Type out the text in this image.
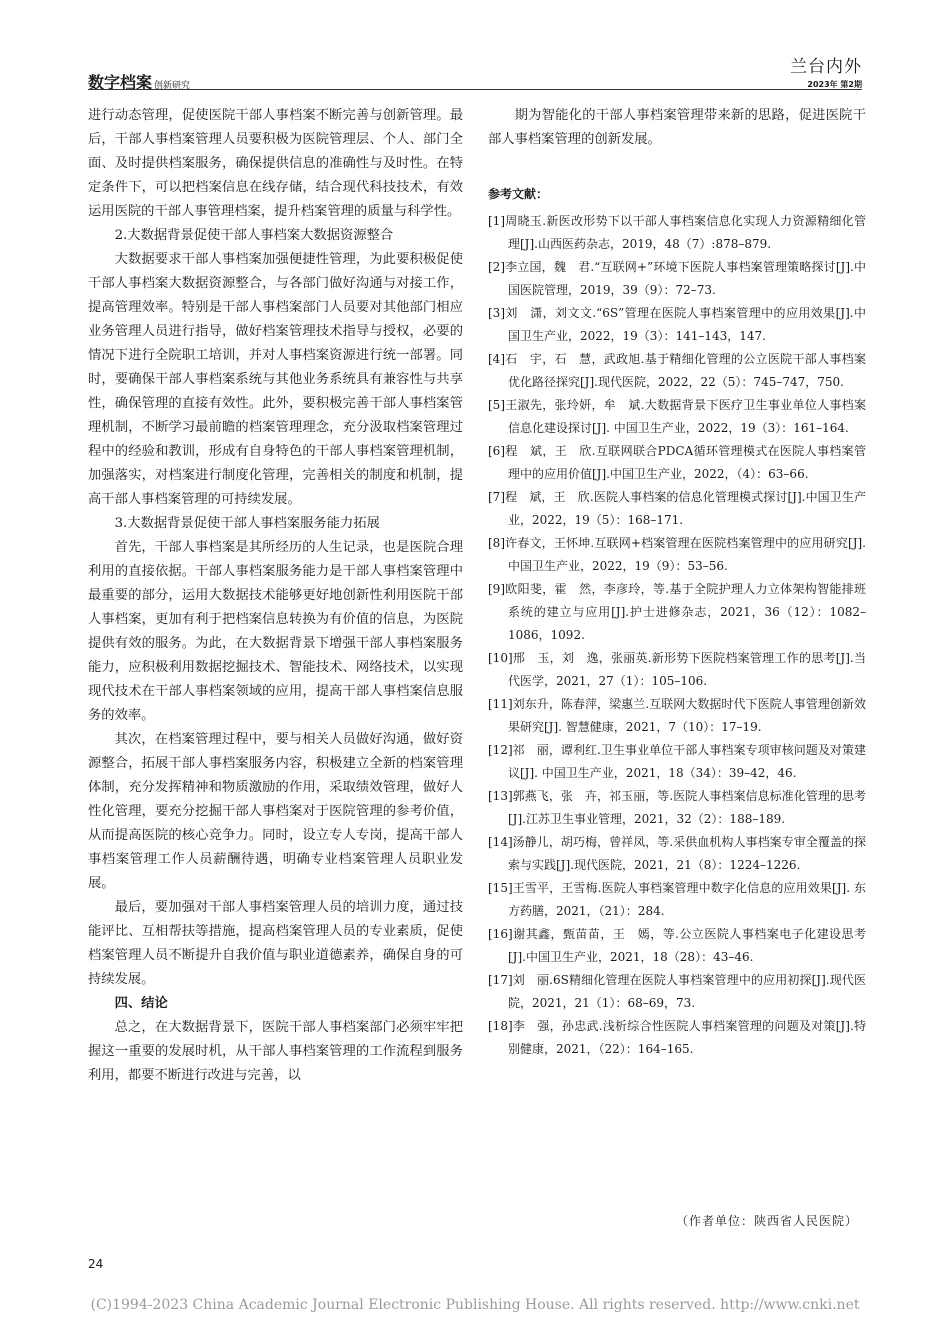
数字档案 创新研究
兰台内外
2023年 第2期

进行动态管理，促使医院干部人事档案不断完善与创新管理。最后，干部人事档案管理人员要积极为医院管理层、个人、部门全面、及时提供档案服务，确保提供信息的准确性与及时性。在特定条件下，可以把档案信息在线存储，结合现代科技技术，有效运用医院的干部人事管理档案，提升档案管理的质量与科学性。

2.大数据背景促使干部人事档案大数据资源整合

大数据要求干部人事档案加强便捷性管理，为此要积极促使干部人事档案大数据资源整合，与各部门做好沟通与对接工作，提高管理效率。特别是干部人事档案部门人员要对其他部门相应业务管理人员进行指导，做好档案管理技术指导与授权，必要的情况下进行全院职工培训，并对人事档案资源进行统一部署。同时，要确保干部人事档案系统与其他业务系统具有兼容性与共享性，确保管理的直接有效性。此外，要积极完善干部人事档案管理机制，不断学习最前瞻的档案管理理念，充分汲取档案管理过程中的经验和教训，形成有自身特色的干部人事档案管理机制，加强落实，对档案进行制度化管理，完善相关的制度和机制，提高干部人事档案管理的可持续发展。

3.大数据背景促使干部人事档案服务能力拓展

首先，干部人事档案是其所经历的人生记录，也是医院合理利用的直接依据。干部人事档案服务能力是干部人事档案管理中最重要的部分，运用大数据技术能够更好地创新性利用医院干部人事档案，更加有利于把档案信息转换为有价值的信息，为医院提供有效的服务。为此，在大数据背景下增强干部人事档案服务能力，应积极利用数据挖掘技术、智能技术、网络技术，以实现现代技术在干部人事档案领域的应用，提高干部人事档案信息服务的效率。

其次，在档案管理过程中，要与相关人员做好沟通，做好资源整合，拓展干部人事档案服务内容，积极建立全新的档案管理体制，充分发挥精神和物质激励的作用，采取绩效管理，做好人性化管理，要充分挖掘干部人事档案对于医院管理的参考价值，从而提高医院的核心竞争力。同时，设立专人专岗，提高干部人事档案管理工作人员薪酬待遇，明确专业档案管理人员职业发展。

最后，要加强对干部人事档案管理人员的培训力度，通过技能评比、互相帮扶等措施，提高档案管理人员的专业素质，促使档案管理人员不断提升自我价值与职业道德素养，确保自身的可持续发展。

四、结论

总之，在大数据背景下，医院干部人事档案部门必须牢牢把握这一重要的发展时机，从干部人事档案管理的工作流程到服务利用，都要不断进行改进与完善，以

期为智能化的干部人事档案管理带来新的思路，促进医院干部人事档案管理的创新发展。

参考文献：
[1]周晓玉.新医改形势下以干部人事档案信息化实现人力资源精细化管理[J].山西医药杂志，2019，48（7）:878–879.
[2]李立国，魏　君.“互联网+”环境下医院人事档案管理策略探讨[J].中国医院管理，2019，39（9）：72–73.
[3]刘　潇，刘文文.“6S”管理在医院人事档案管理中的应用效果[J].中国卫生产业，2022，19（3）：141–143，147.
[4]石　宇，石　慧，武政旭.基于精细化管理的公立医院干部人事档案优化路径探究[J].现代医院，2022，22（5）：745–747，750.
[5]王淑先，张玲妍，牟　斌.大数据背景下医疗卫生事业单位人事档案信息化建设探讨[J]. 中国卫生产业，2022，19（3）：161–164.
[6]程　斌，王　欣.互联网联合PDCA循环管理模式在医院人事档案管理中的应用价值[J].中国卫生产业，2022，（4）：63–66.
[7]程　斌，王　欣.医院人事档案的信息化管理模式探讨[J].中国卫生产业，2022，19（5）：168–171.
[8]许春文，王怀坤.互联网+档案管理在医院档案管理中的应用研究[J]. 中国卫生产业，2022，19（9）：53–56.
[9]欧阳斐，霍　然，李彦玲，等.基于全院护理人力立体架构智能排班系统的建立与应用[J].护士进修杂志，2021，36（12）：1082–1086，1092.
[10]邢　玉，刘　逸，张丽英.新形势下医院档案管理工作的思考[J].当代医学，2021，27（1）：105–106.
[11]刘东升，陈春萍，梁惠兰.互联网大数据时代下医院人事管理创新效果研究[J]. 智慧健康，2021，7（10）：17–19.
[12]祁　丽，谭利红.卫生事业单位干部人事档案专项审核问题及对策建议[J]. 中国卫生产业，2021，18（34）：39–42，46.
[13]郭燕飞，张　卉，祁玉丽，等.医院人事档案信息标准化管理的思考[J].江苏卫生事业管理，2021，32（2）：188–189.
[14]汤静儿，胡巧梅，曾祥凤，等.采供血机构人事档案专审全覆盖的探索与实践[J].现代医院，2021，21（8）：1224–1226.
[15]王雪平，王雪梅.医院人事档案管理中数字化信息的应用效果[J]. 东方药膳，2021，（21）：284.
[16]谢其鑫，甄苗苗，王　嫣，等.公立医院人事档案电子化建设思考[J].中国卫生产业，2021，18（28）：43–46.
[17]刘　丽.6S精细化管理在医院人事档案管理中的应用初探[J].现代医院，2021，21（1）：68–69，73.
[18]李　强，孙忠武.浅析综合性医院人事档案管理的问题及对策[J].特别健康，2021，（22）：164–165.
（作者单位：陕西省人民医院）
24
(C)1994-2023 China Academic Journal Electronic Publishing House. All rights reserved. http://www.cnki.net
